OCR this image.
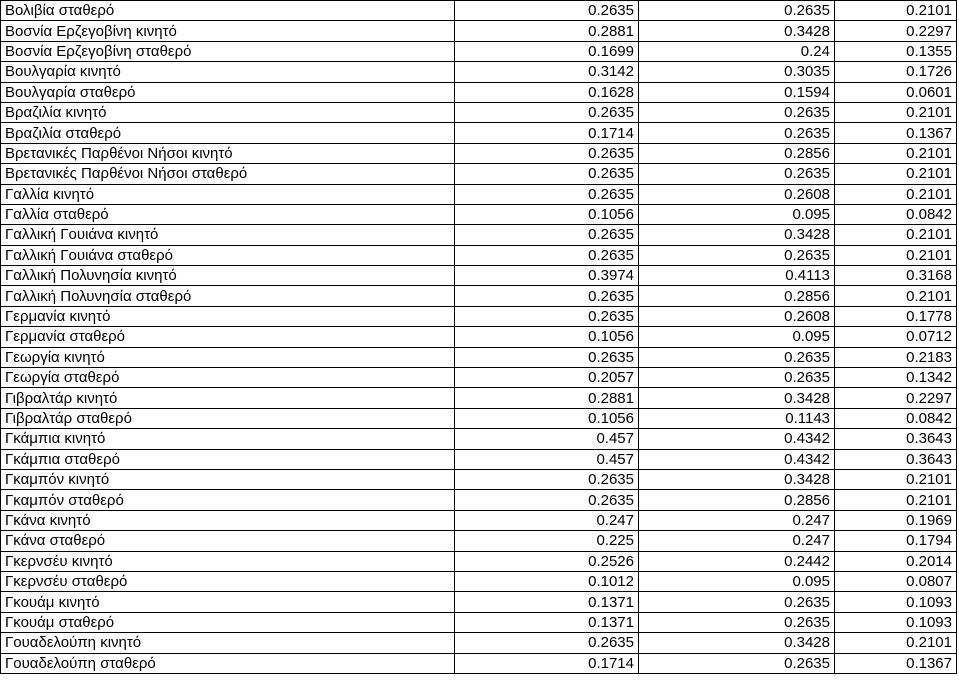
Βολιβία σταθερό	0.2635	0.2635	0.2101
Βοσνία Ερζεγοβίνη κινητό	0.2881	0.3428	0.2297
Βοσνία Ερζεγοβίνη σταθερό	0.1699	0.24	0.1355
Βουλγαρία κινητό	0.3142	0.3035	0.1726
Βουλγαρία σταθερό	0.1628	0.1594	0.0601
Βραζιλία κινητό	0.2635	0.2635	0.2101
Βραζιλία σταθερό	0.1714	0.2635	0.1367
Βρετανικές Παρθένοι Νήσοι κινητό	0.2635	0.2856	0.2101
Βρετανικές Παρθένοι Νήσοι σταθερό	0.2635	0.2635	0.2101
Γαλλία κινητό	0.2635	0.2608	0.2101
Γαλλία σταθερό	0.1056	0.095	0.0842
Γαλλική Γουιάνα κινητό	0.2635	0.3428	0.2101
Γαλλική Γουιάνα σταθερό	0.2635	0.2635	0.2101
Γαλλική Πολυνησία κινητό	0.3974	0.4113	0.3168
Γαλλική Πολυνησία σταθερό	0.2635	0.2856	0.2101
Γερμανία κινητό	0.2635	0.2608	0.1778
Γερμανία σταθερό	0.1056	0.095	0.0712
Γεωργία κινητό	0.2635	0.2635	0.2183
Γεωργία σταθερό	0.2057	0.2635	0.1342
Γιβραλτάρ κινητό	0.2881	0.3428	0.2297
Γιβραλτάρ σταθερό	0.1056	0.1143	0.0842
Γκάμπια κινητό	0.457	0.4342	0.3643
Γκάμπια σταθερό	0.457	0.4342	0.3643
Γκαμπόν κινητό	0.2635	0.3428	0.2101
Γκαμπόν σταθερό	0.2635	0.2856	0.2101
Γκάνα κινητό	0.247	0.247	0.1969
Γκάνα σταθερό	0.225	0.247	0.1794
Γκερνσέυ κινητό	0.2526	0.2442	0.2014
Γκερνσέυ σταθερό	0.1012	0.095	0.0807
Γκουάμ κινητό	0.1371	0.2635	0.1093
Γκουάμ σταθερό	0.1371	0.2635	0.1093
Γουαδελούπη κινητό	0.2635	0.3428	0.2101
Γουαδελούπη σταθερό	0.1714	0.2635	0.1367
